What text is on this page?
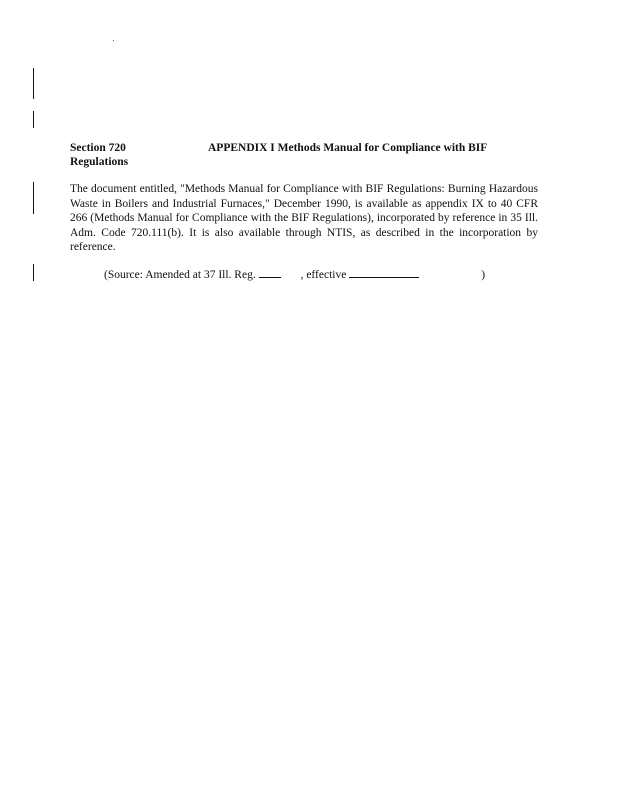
Section 720	APPENDIX I Methods Manual for Compliance with BIF
Regulations

The document entitled, "Methods Manual for Compliance with BIF Regulations: Burning Hazardous Waste in Boilers and Industrial Furnaces," December 1990, is available as appendix IX to 40 CFR 266 (Methods Manual for Compliance with the BIF Regulations), incorporated by reference in 35 Ill. Adm. Code 720.111(b). It is also available through NTIS, as described in the incorporation by reference.

(Source: Amended at 37 Ill. Reg.	, effective	)
